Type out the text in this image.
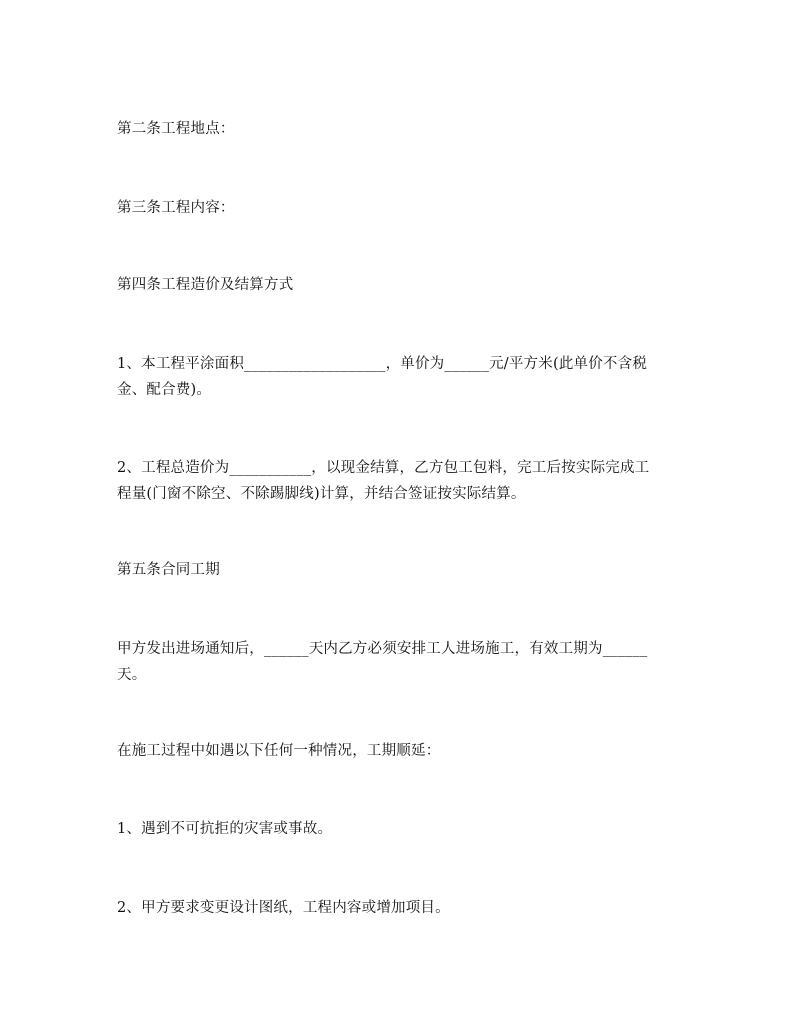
第二条工程地点：

第三条工程内容：

第四条工程造价及结算方式

1、本工程平涂面积___________________，单价为______元/平方米(此单价不含税
金、配合费)。

2、工程总造价为___________，以现金结算，乙方包工包料，完工后按实际完成工
程量(门窗不除空、不除踢脚线)计算，并结合签证按实际结算。

第五条合同工期

甲方发出进场通知后，______天内乙方必须安排工人进场施工，有效工期为______
天。

在施工过程中如遇以下任何一种情况，工期顺延：

1、遇到不可抗拒的灾害或事故。

2、甲方要求变更设计图纸，工程内容或增加项目。
